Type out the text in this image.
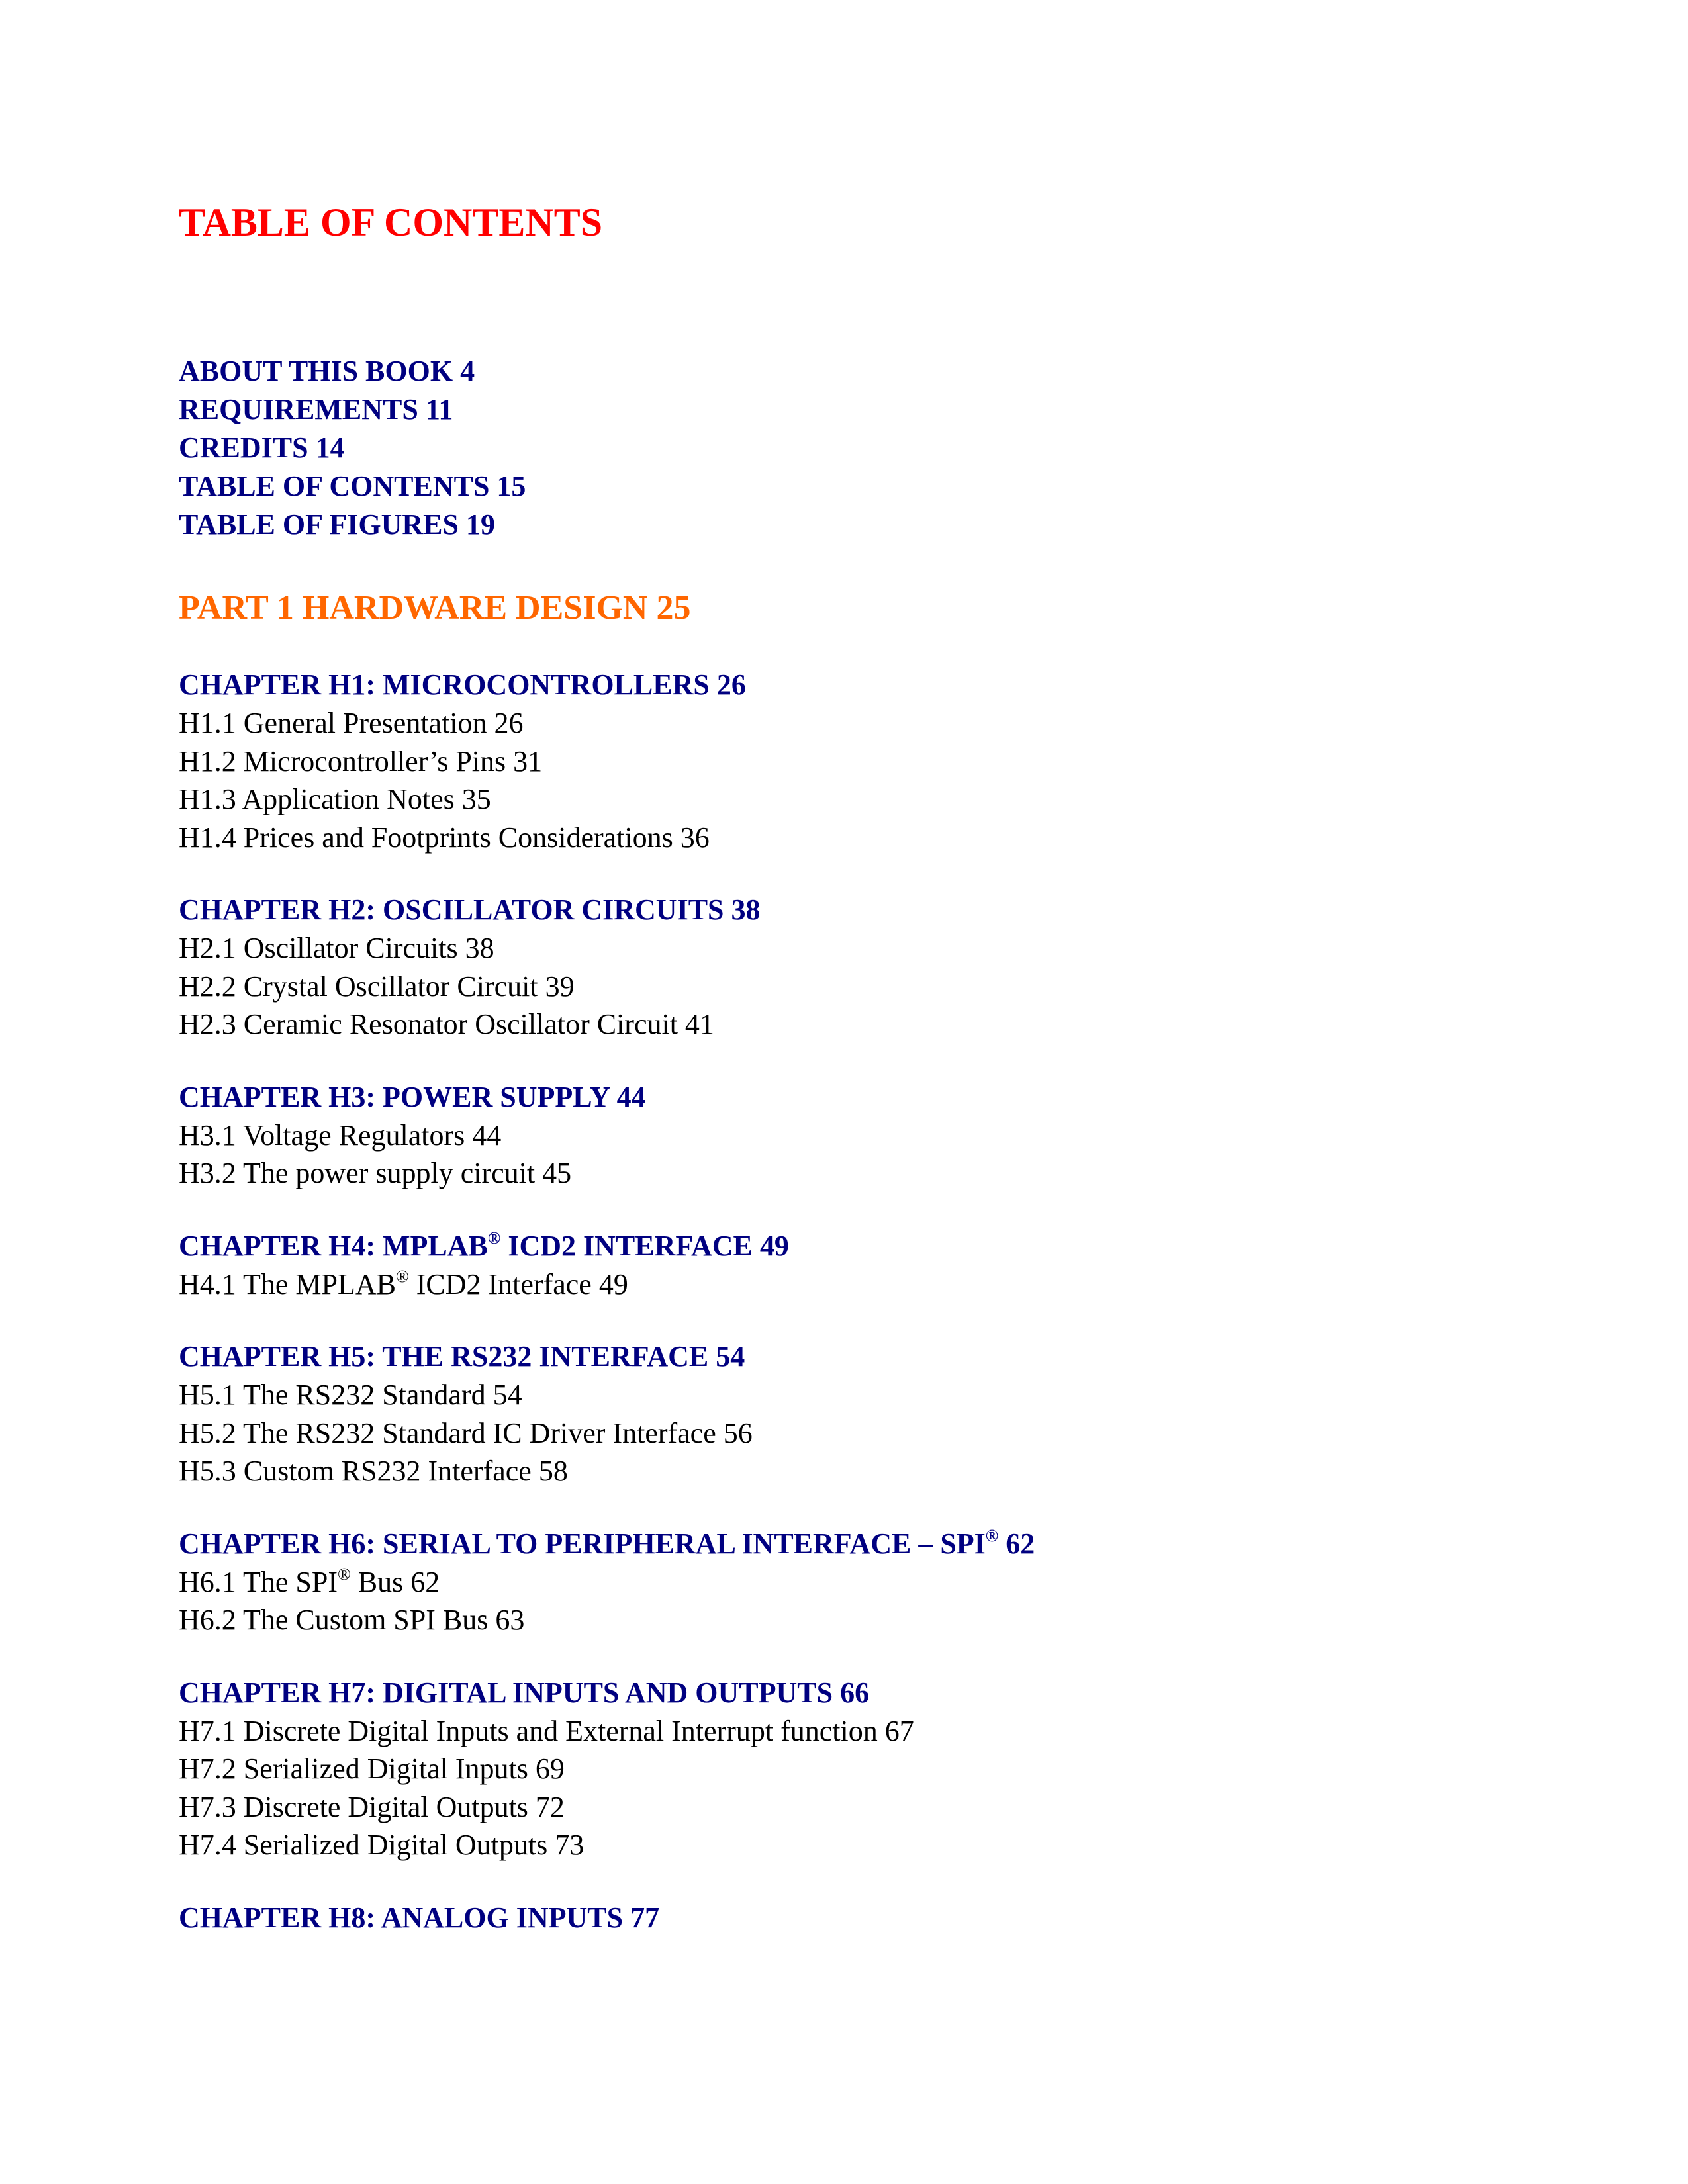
TABLE OF CONTENTS
ABOUT THIS BOOK 4
REQUIREMENTS 11
CREDITS 14
TABLE OF CONTENTS 15
TABLE OF FIGURES 19
PART 1 HARDWARE DESIGN 25
CHAPTER H1: MICROCONTROLLERS 26
H1.1 General Presentation 26
H1.2 Microcontroller’s Pins 31
H1.3 Application Notes 35
H1.4 Prices and Footprints Considerations 36
CHAPTER H2: OSCILLATOR CIRCUITS 38
H2.1 Oscillator Circuits 38
H2.2 Crystal Oscillator Circuit 39
H2.3 Ceramic Resonator Oscillator Circuit 41
CHAPTER H3: POWER SUPPLY 44
H3.1 Voltage Regulators 44
H3.2 The power supply circuit 45
CHAPTER H4: MPLAB® ICD2 INTERFACE 49
H4.1 The MPLAB® ICD2 Interface 49
CHAPTER H5: THE RS232 INTERFACE 54
H5.1 The RS232 Standard 54
H5.2 The RS232 Standard IC Driver Interface 56
H5.3 Custom RS232 Interface 58
CHAPTER H6: SERIAL TO PERIPHERAL INTERFACE – SPI® 62
H6.1 The SPI® Bus 62
H6.2 The Custom SPI Bus 63
CHAPTER H7: DIGITAL INPUTS AND OUTPUTS 66
H7.1 Discrete Digital Inputs and External Interrupt function 67
H7.2 Serialized Digital Inputs 69
H7.3 Discrete Digital Outputs 72
H7.4 Serialized Digital Outputs 73
CHAPTER H8: ANALOG INPUTS 77
